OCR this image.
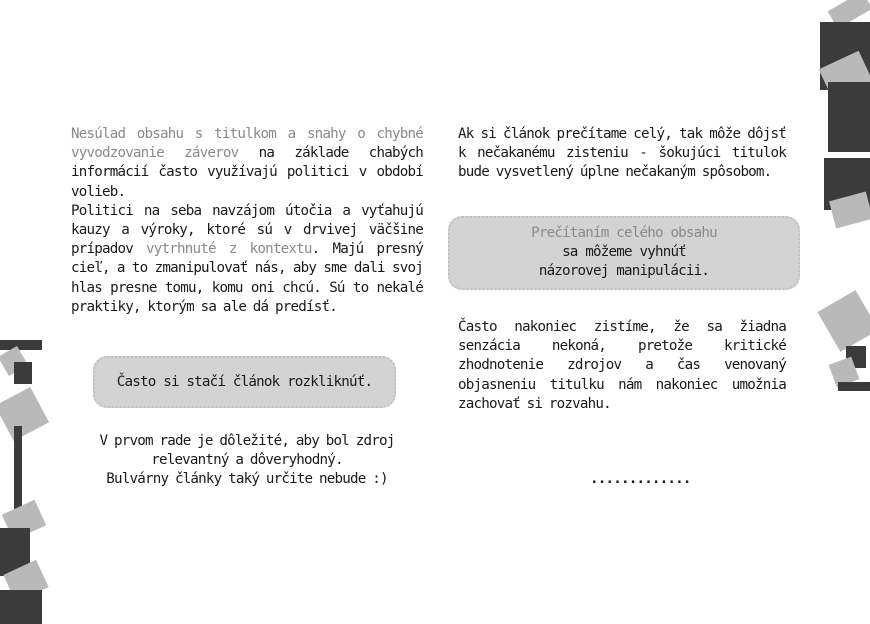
Nesúlad obsahu s titulkom a snahy o chybné vyvodzovanie záverov na základe chabých informácií často využívajú politici v období volieb.

Politici na seba navzájom útočia a vyťahujú kauzy a výroky, ktoré sú v drvivej väčšine prípadov vytrhnuté z kontextu. Majú presný cieľ, a to zmanipulovať nás, aby sme dali svoj hlas presne tomu, komu oni chcú. Sú to nekalé praktiky, ktorým sa ale dá predísť.

Často si stačí článok rozkliknúť.
V prvom rade je dôležité, aby bol zdroj
relevantný a dôveryhodný.
Bulvárny články taký určite nebude :)

Ak si článok prečítame celý, tak môže dôjsť k nečakanému zisteniu - šokujúci titulok bude vysvetlený úplne nečakaným spôsobom.

Prečítaním celého obsahu
sa môžeme vyhnúť
názorovej manipulácii.

Často nakoniec zistíme, že sa žiadna senzácia nekoná, pretože kritické zhodnotenie zdrojov a čas venovaný objasneniu titulku nám nakoniec umožnia zachovať si rozvahu.

.............
